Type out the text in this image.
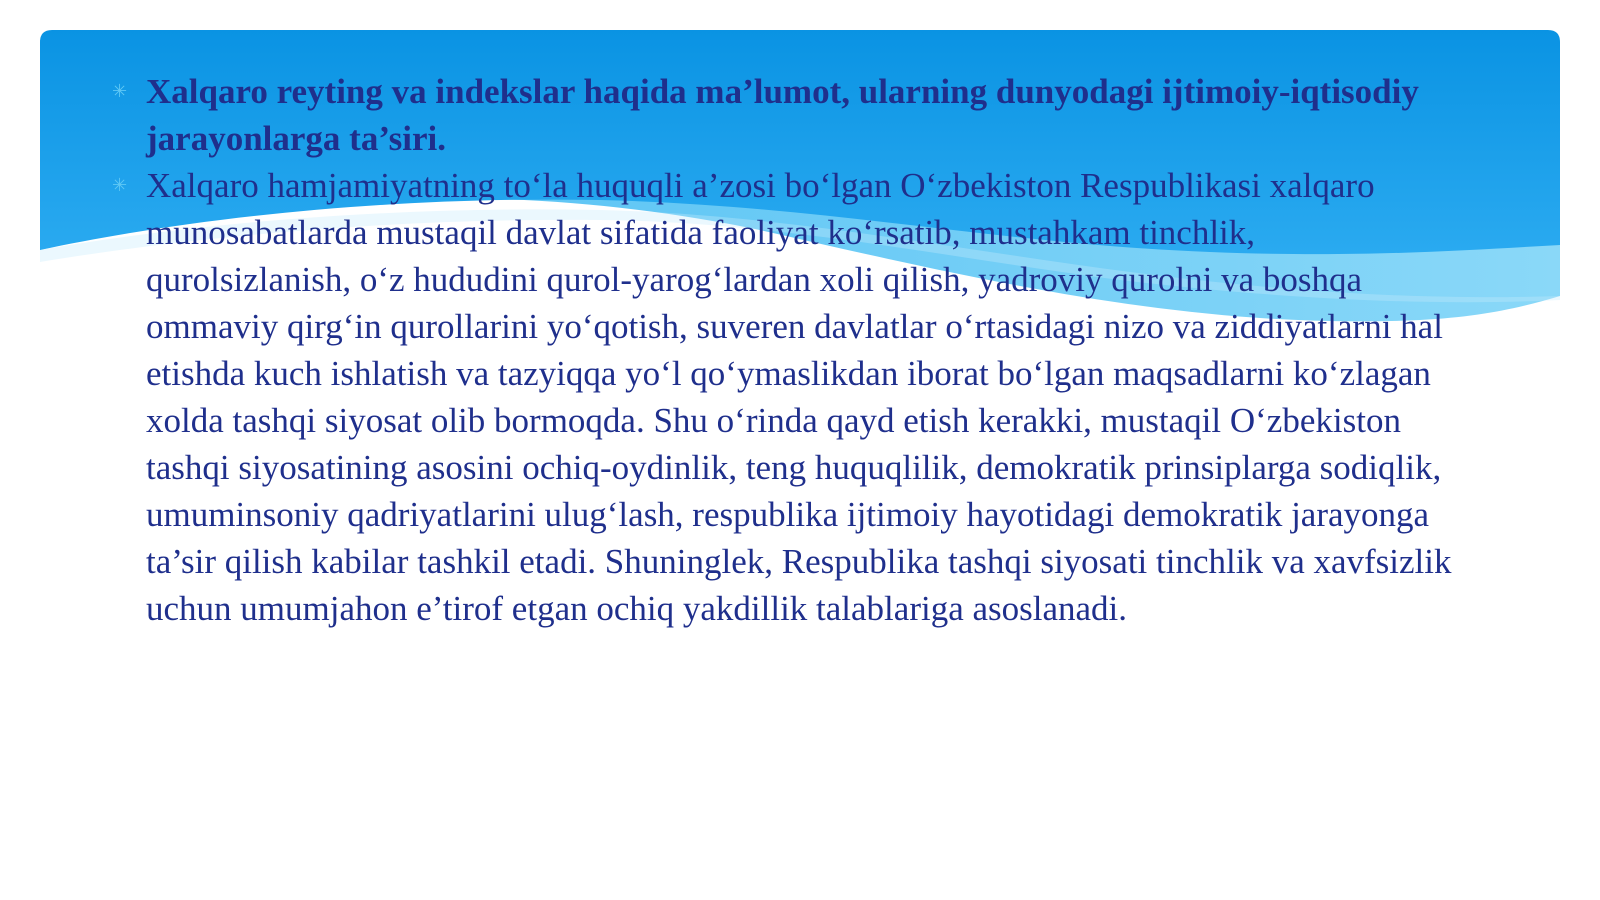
✳ Xalqaro reyting va indekslar haqida ma’lumot, ularning dunyodagi ijtimoiy-iqtisodiy jarayonlarga ta’siri.
✳ Xalqaro hamjamiyatning to‘la huquqli a’zosi bo‘lgan O‘zbekiston Respublikasi xalqaro munosabatlarda mustaqil davlat sifatida faoliyat ko‘rsatib, mustahkam tinchlik, qurolsizlanish, o‘z hududini qurol-yarog‘lardan xoli qilish, yadroviy qurolni va boshqa ommaviy qirg‘in qurollarini yo‘qotish, suveren davlatlar o‘rtasidagi nizo va ziddiyatlarni hal etishda kuch ishlatish va tazyiqqa yo‘l qo‘ymaslikdan iborat bo‘lgan maqsadlarni ko‘zlagan xolda tashqi siyosat olib bormoqda. Shu o‘rinda qayd etish kerakki, mustaqil O‘zbekiston tashqi siyosatining asosini ochiq-oydinlik, teng huquqlilik, demokratik prinsiplarga sodiqlik, umuminsoniy qadriyatlarini ulug‘lash, respublika ijtimoiy hayotidagi demokratik jarayonga ta’sir qilish kabilar tashkil etadi. Shuninglek, Respublika tashqi siyosati tinchlik va xavfsizlik uchun umumjahon e’tirof etgan ochiq yakdillik talablariga asoslanadi.
